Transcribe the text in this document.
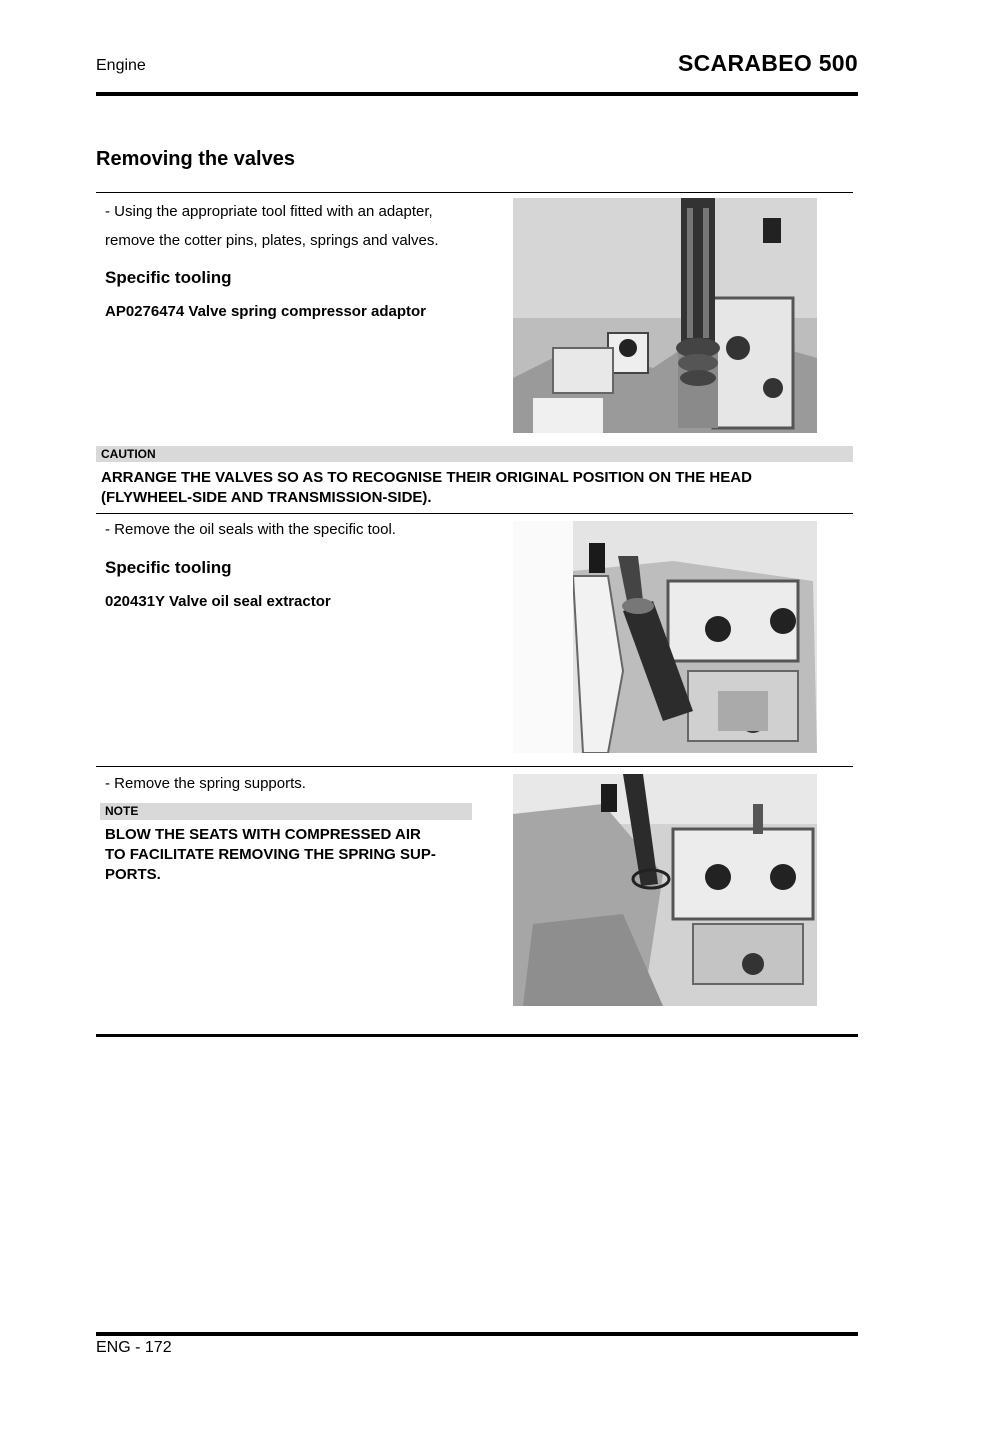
Engine	SCARABEO 500
Removing the valves
- Using the appropriate tool fitted with an adapter,
remove the cotter pins, plates, springs and valves.
Specific tooling
AP0276474 Valve spring compressor adaptor
CAUTION
ARRANGE THE VALVES SO AS TO RECOGNISE THEIR ORIGINAL POSITION ON THE HEAD
(FLYWHEEL-SIDE AND TRANSMISSION-SIDE).
- Remove the oil seals with the specific tool.
Specific tooling
020431Y Valve oil seal extractor
- Remove the spring supports.
NOTE
BLOW THE SEATS WITH COMPRESSED AIR
TO FACILITATE REMOVING THE SPRING SUP-
PORTS.
ENG - 172
